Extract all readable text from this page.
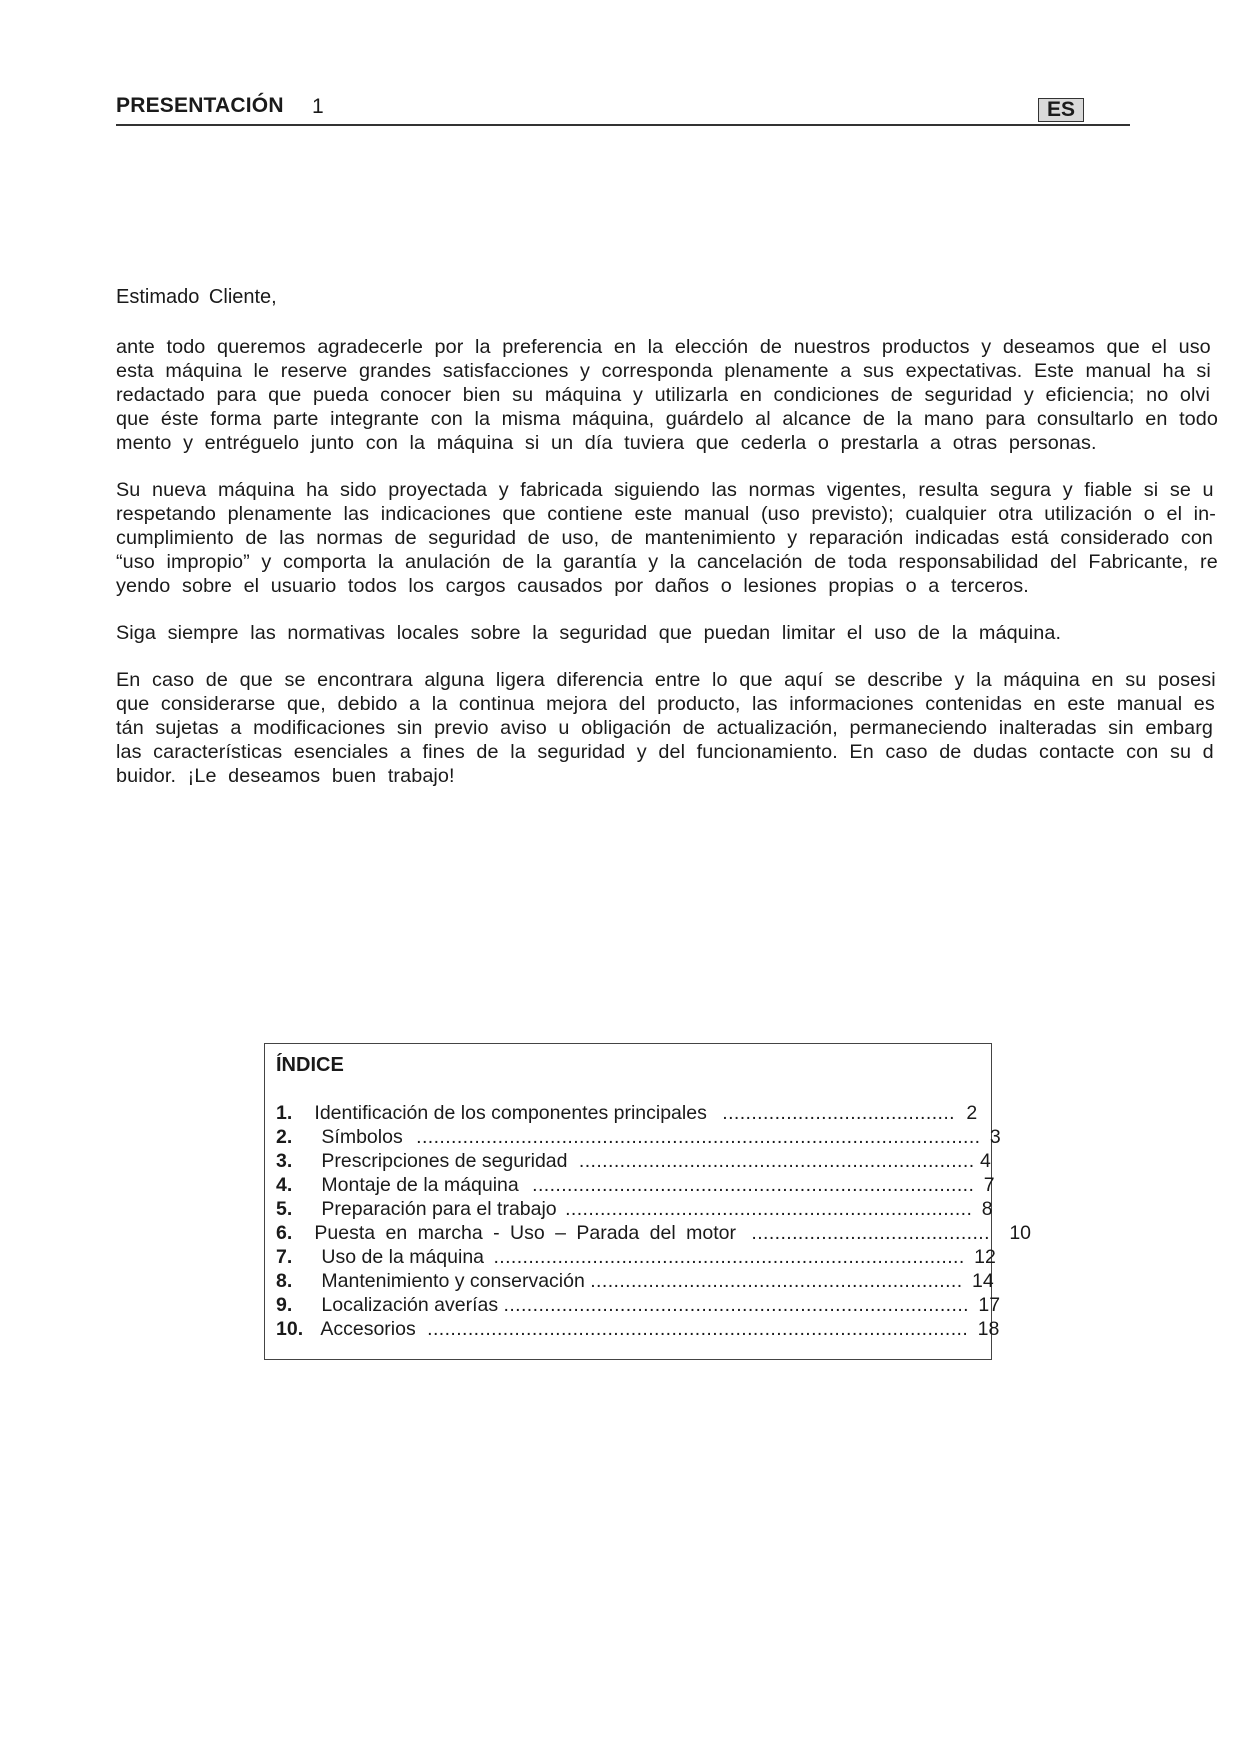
PRESENTACIÓN 1	ES
Estimado Cliente,

ante todo queremos agradecerle por la preferencia en la elección de nuestros productos y deseamos que el uso
esta máquina le reserve grandes satisfacciones y corresponda plenamente a sus expectativas. Este manual ha si
redactado para que pueda conocer bien su máquina y utilizarla en condiciones de seguridad y eficiencia; no olvi
que éste forma parte integrante con la misma máquina, guárdelo al alcance de la mano para consultarlo en todo
mento y entréguelo junto con la máquina si un día tuviera que cederla o prestarla a otras personas.

Su nueva máquina ha sido proyectada y fabricada siguiendo las normas vigentes, resulta segura y fiable si se u
respetando plenamente las indicaciones que contiene este manual (uso previsto); cualquier otra utilización o el in-
cumplimiento de las normas de seguridad de uso, de mantenimiento y reparación indicadas está considerado con
“uso impropio” y comporta la anulación de la garantía y la cancelación de toda responsabilidad del Fabricante, re
yendo sobre el usuario todos los cargos causados por daños o lesiones propias o a terceros.

Siga siempre las normativas locales sobre la seguridad que puedan limitar el uso de la máquina.

En caso de que se encontrara alguna ligera diferencia entre lo que aquí se describe y la máquina en su posesi
que considerarse que, debido a la continua mejora del producto, las informaciones contenidas en este manual es
tán sujetas a modificaciones sin previo aviso u obligación de actualización, permaneciendo inalteradas sin embarg
las características esenciales a fines de la seguridad y del funcionamiento. En caso de dudas contacte con su d
buidor. ¡Le deseamos buen trabajo!

ÍNDICE
1. Identificación de los componentes principales ........................................ 2
2. Símbolos ................................................................................................. 3
3. Prescripciones de seguridad .................................................................... 4
4. Montaje de la máquina ............................................................................ 7
5. Preparación para el trabajo ...................................................................... 8
6. Puesta en marcha - Uso – Parada del motor ......................................... 10
7. Uso de la máquina ................................................................................. 12
8. Mantenimiento y conservación ................................................................ 14
9. Localización averías ................................................................................ 17
10. Accesorios ............................................................................................. 18
